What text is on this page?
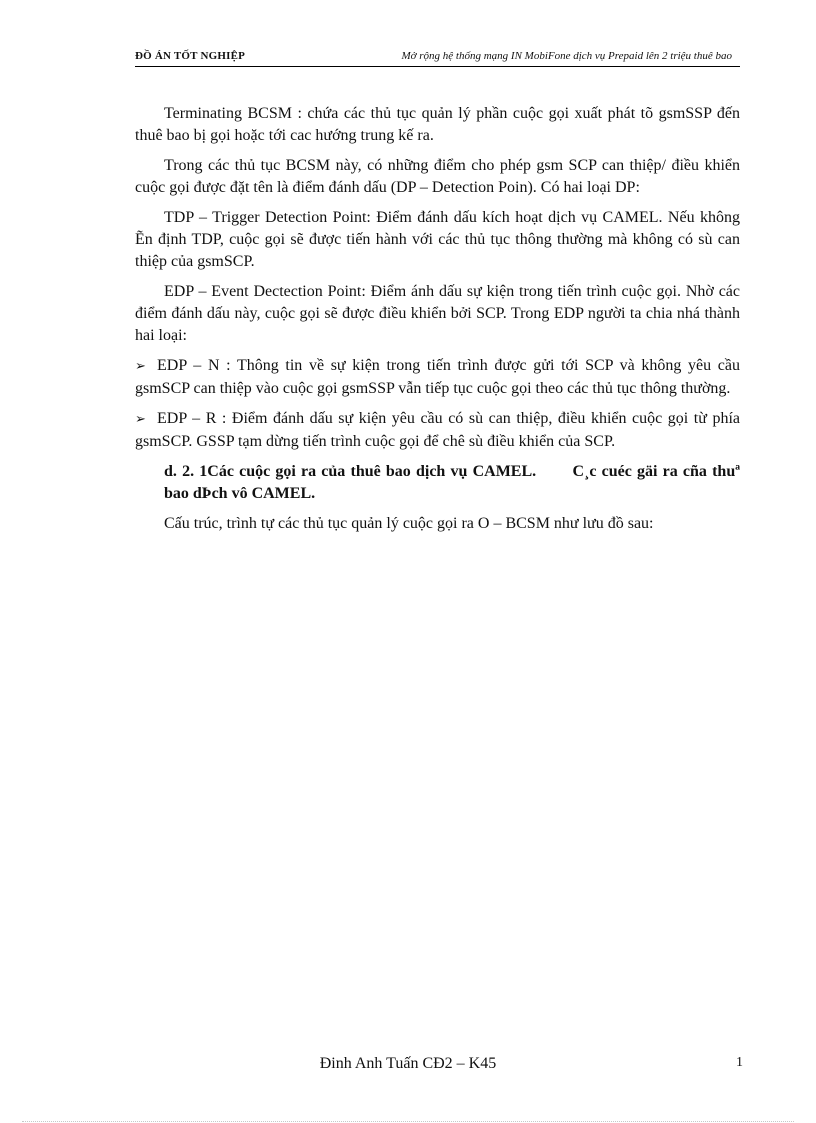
ĐỒ ÁN TỐT NGHIỆP	Mở rộng hệ thống mạng IN MobiFone dịch vụ Prepaid lên 2 triệu thuê bao

Terminating BCSM : chứa các thủ tục quản lý phần cuộc gọi xuất phát tõ gsmSSP đến thuê bao bị gọi hoặc tới cac hướng trung kế ra.

Trong các thủ tục BCSM này, có những điểm cho phép gsm SCP can thiệp/ điều khiển cuộc gọi được đặt tên là điểm đánh dấu (DP – Detection Poin). Có hai loại DP:

TDP – Trigger Detection Point: Điểm đánh dấu kích hoạt dịch vụ CAMEL. Nếu không Ẽn định TDP, cuộc gọi sẽ được tiến hành với các thủ tục thông thường mà không có sù can thiệp của gsmSCP.

EDP – Event Dectection Point: Điểm ánh dấu sự kiện trong tiến trình cuộc gọi. Nhờ các điểm đánh dấu này, cuộc gọi sẽ được điều khiển bởi SCP. Trong EDP người ta chia nhá thành hai loại:

➢ EDP – N : Thông tin về sự kiện trong tiến trình được gửi tới SCP và không yêu cầu gsmSCP can thiệp vào cuộc gọi gsmSSP vẫn tiếp tục cuộc gọi theo các thủ tục thông thường.

➢ EDP – R : Điểm đánh dấu sự kiện yêu cầu có sù can thiệp, điều khiển cuộc gọi từ phía gsmSCP. GSSP tạm dừng tiến trình cuộc gọi để chê sù điều khiển của SCP.

d. 2. 1Các cuộc gọi ra của thuê bao dịch vụ CAMEL. C¸c cuéc gäi ra cña thuª bao dÞch vô CAMEL.

Cấu trúc, trình tự các thủ tục quản lý cuộc gọi ra O – BCSM như lưu đồ sau:

Đinh Anh Tuấn CĐ2 – K45	1
